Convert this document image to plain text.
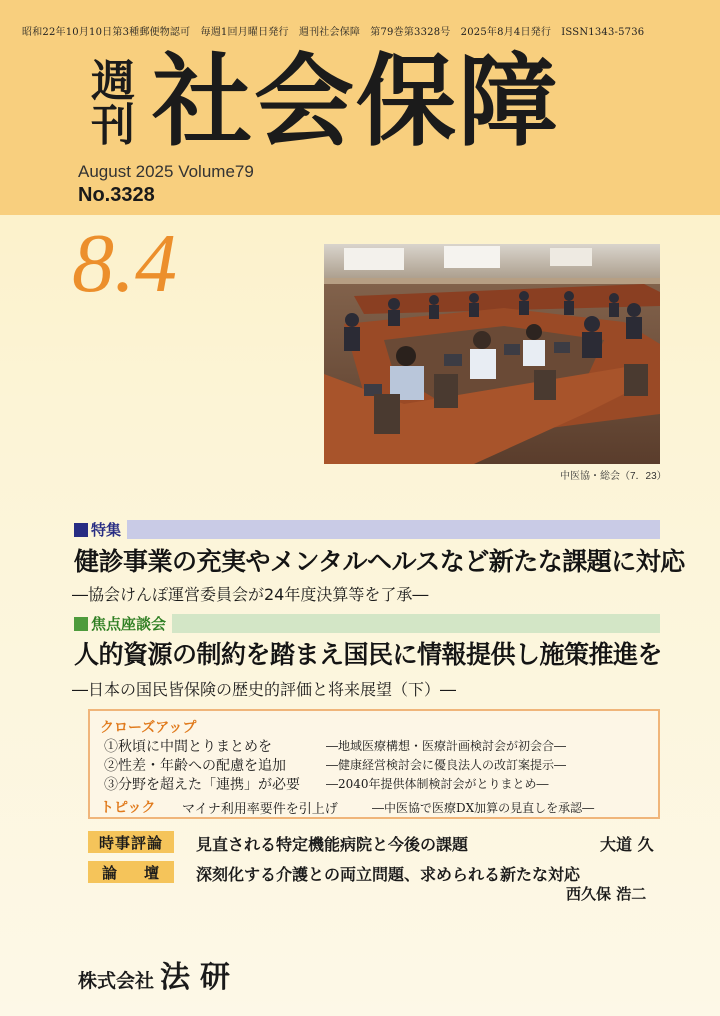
昭和22年10月10日第3種郵便物認可　毎週1回月曜日発行　週刊社会保障　第79巻第3328号　2025年8月4日発行　ISSN1343-5736
週
刊 社会保障
August 2025 Volume79
No.3328
8.4
中医協・総会（7．23）
特集
健診事業の充実やメンタルヘルスなど新たな課題に対応
―協会けんぽ運営委員会が24年度決算等を了承―
焦点座談会
人的資源の制約を踏まえ国民に情報提供し施策推進を
―日本の国民皆保険の歴史的評価と将来展望（下）―
クローズアップ
①秋頃に中間とりまとめを	―地域医療構想・医療計画検討会が初会合―
②性差・年齢への配慮を追加	―健康経営検討会に優良法人の改訂案提示―
③分野を超えた「連携」が必要 ―2040年提供体制検討会がとりまとめ―
トピック マイナ利用率要件を引上げ	―中医協で医療DX加算の見直しを承認―
時事評論	見直される特定機能病院と今後の課題	大道 久
論 壇 深刻化する介護との両立問題、求められる新たな対応
西久保 浩二
株式会社 法研
